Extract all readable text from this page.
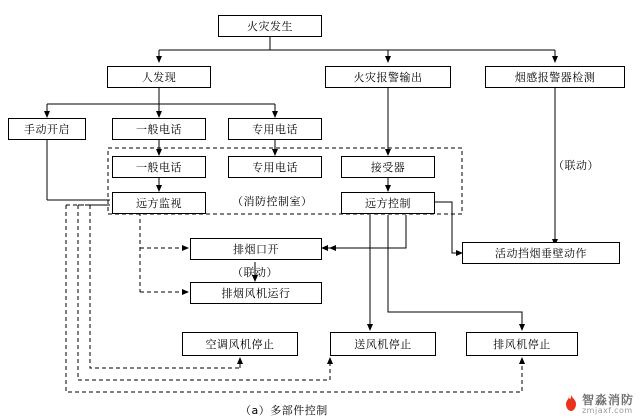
火灾发生
人发现	火灾报警输出	烟感报警器检测
手动开启	一般电话	专用电话
一般电话	专用电话	接受器
远方监视	远方控制
（消防控制室）
排烟口开
（联动）
排烟风机运行
（联动）
活动挡烟垂壁动作
空调风机停止	送风机停止	排风机停止
（a）多部件控制
智淼消防
zmjaxf.com
